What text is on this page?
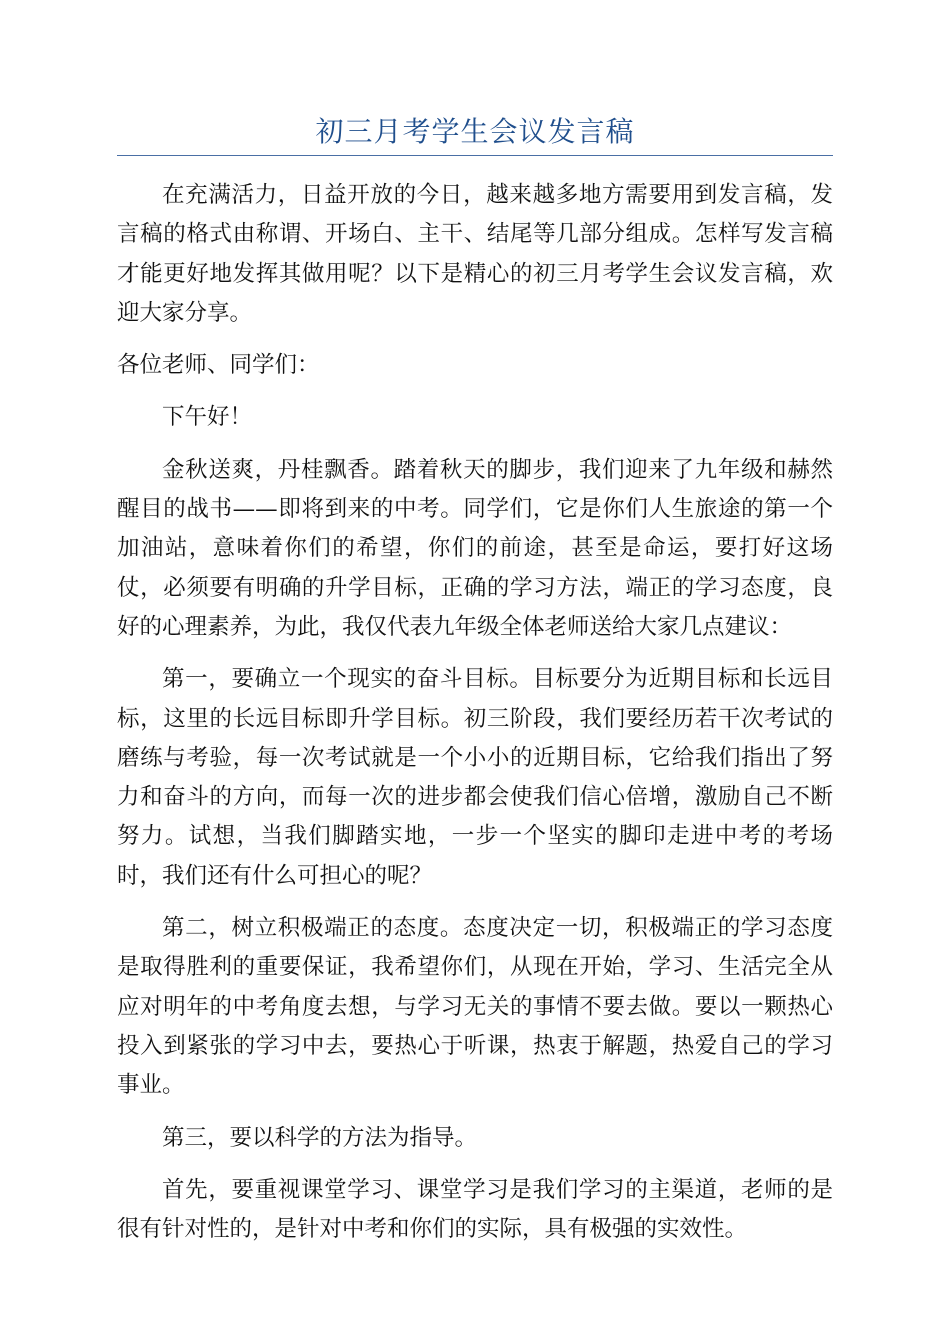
初三月考学生会议发言稿

在充满活力，日益开放的今日，越来越多地方需要用到发言稿，发言稿的格式由称谓、开场白、主干、结尾等几部分组成。怎样写发言稿才能更好地发挥其做用呢？以下是精心的初三月考学生会议发言稿，欢迎大家分享。

各位老师、同学们：

下午好！

金秋送爽，丹桂飘香。踏着秋天的脚步，我们迎来了九年级和赫然醒目的战书——即将到来的中考。同学们，它是你们人生旅途的第一个加油站，意味着你们的希望，你们的前途，甚至是命运，要打好这场仗，必须要有明确的升学目标，正确的学习方法，端正的学习态度，良好的心理素养，为此，我仅代表九年级全体老师送给大家几点建议：

第一，要确立一个现实的奋斗目标。目标要分为近期目标和长远目标，这里的长远目标即升学目标。初三阶段，我们要经历若干次考试的磨练与考验，每一次考试就是一个小小的近期目标，它给我们指出了努力和奋斗的方向，而每一次的进步都会使我们信心倍增，激励自己不断努力。试想，当我们脚踏实地，一步一个坚实的脚印走进中考的考场时，我们还有什么可担心的呢？

第二，树立积极端正的态度。态度决定一切，积极端正的学习态度是取得胜利的重要保证，我希望你们，从现在开始，学习、生活完全从应对明年的中考角度去想，与学习无关的事情不要去做。要以一颗热心投入到紧张的学习中去，要热心于听课，热衷于解题，热爱自己的学习事业。

第三，要以科学的方法为指导。

首先，要重视课堂学习、课堂学习是我们学习的主渠道，老师的是很有针对性的，是针对中考和你们的实际，具有极强的实效性。
